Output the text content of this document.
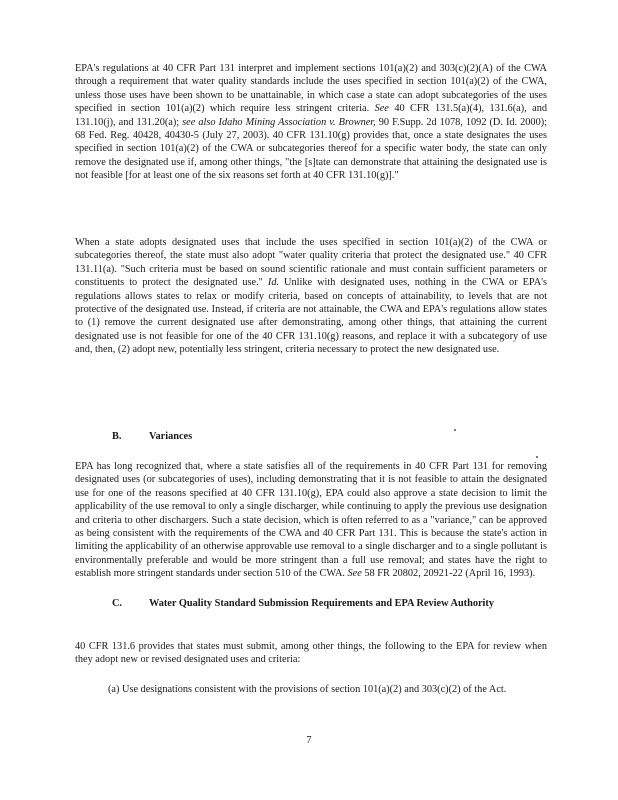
EPA's regulations at 40 CFR Part 131 interpret and implement sections 101(a)(2) and 303(c)(2)(A) of the CWA through a requirement that water quality standards include the uses specified in section 101(a)(2) of the CWA, unless those uses have been shown to be unattainable, in which case a state can adopt subcategories of the uses specified in section 101(a)(2) which require less stringent criteria. See 40 CFR 131.5(a)(4), 131.6(a), and 131.10(j), and 131.20(a); see also Idaho Mining Association v. Browner, 90 F.Supp. 2d 1078, 1092 (D. Id. 2000); 68 Fed. Reg. 40428, 40430-5 (July 27, 2003). 40 CFR 131.10(g) provides that, once a state designates the uses specified in section 101(a)(2) of the CWA or subcategories thereof for a specific water body, the state can only remove the designated use if, among other things, "the [s]tate can demonstrate that attaining the designated use is not feasible [for at least one of the six reasons set forth at 40 CFR 131.10(g)]."

When a state adopts designated uses that include the uses specified in section 101(a)(2) of the CWA or subcategories thereof, the state must also adopt "water quality criteria that protect the designated use." 40 CFR 131.11(a). "Such criteria must be based on sound scientific rationale and must contain sufficient parameters or constituents to protect the designated use." Id. Unlike with designated uses, nothing in the CWA or EPA's regulations allows states to relax or modify criteria, based on concepts of attainability, to levels that are not protective of the designated use. Instead, if criteria are not attainable, the CWA and EPA's regulations allow states to (1) remove the current designated use after demonstrating, among other things, that attaining the current designated use is not feasible for one of the 40 CFR 131.10(g) reasons, and replace it with a subcategory of use and, then, (2) adopt new, potentially less stringent, criteria necessary to protect the new designated use.

B.	Variances

EPA has long recognized that, where a state satisfies all of the requirements in 40 CFR Part 131 for removing designated uses (or subcategories of uses), including demonstrating that it is not feasible to attain the designated use for one of the reasons specified at 40 CFR 131.10(g), EPA could also approve a state decision to limit the applicability of the use removal to only a single discharger, while continuing to apply the previous use designation and criteria to other dischargers. Such a state decision, which is often referred to as a "variance," can be approved as being consistent with the requirements of the CWA and 40 CFR Part 131. This is because the state's action in limiting the applicability of an otherwise approvable use removal to a single discharger and to a single pollutant is environmentally preferable and would be more stringent than a full use removal; and states have the right to establish more stringent standards under section 510 of the CWA. See 58 FR 20802, 20921-22 (April 16, 1993).

C.	Water Quality Standard Submission Requirements and EPA Review Authority

40 CFR 131.6 provides that states must submit, among other things, the following to the EPA for review when they adopt new or revised designated uses and criteria:

(a) Use designations consistent with the provisions of section 101(a)(2) and 303(c)(2) of the Act.

7
